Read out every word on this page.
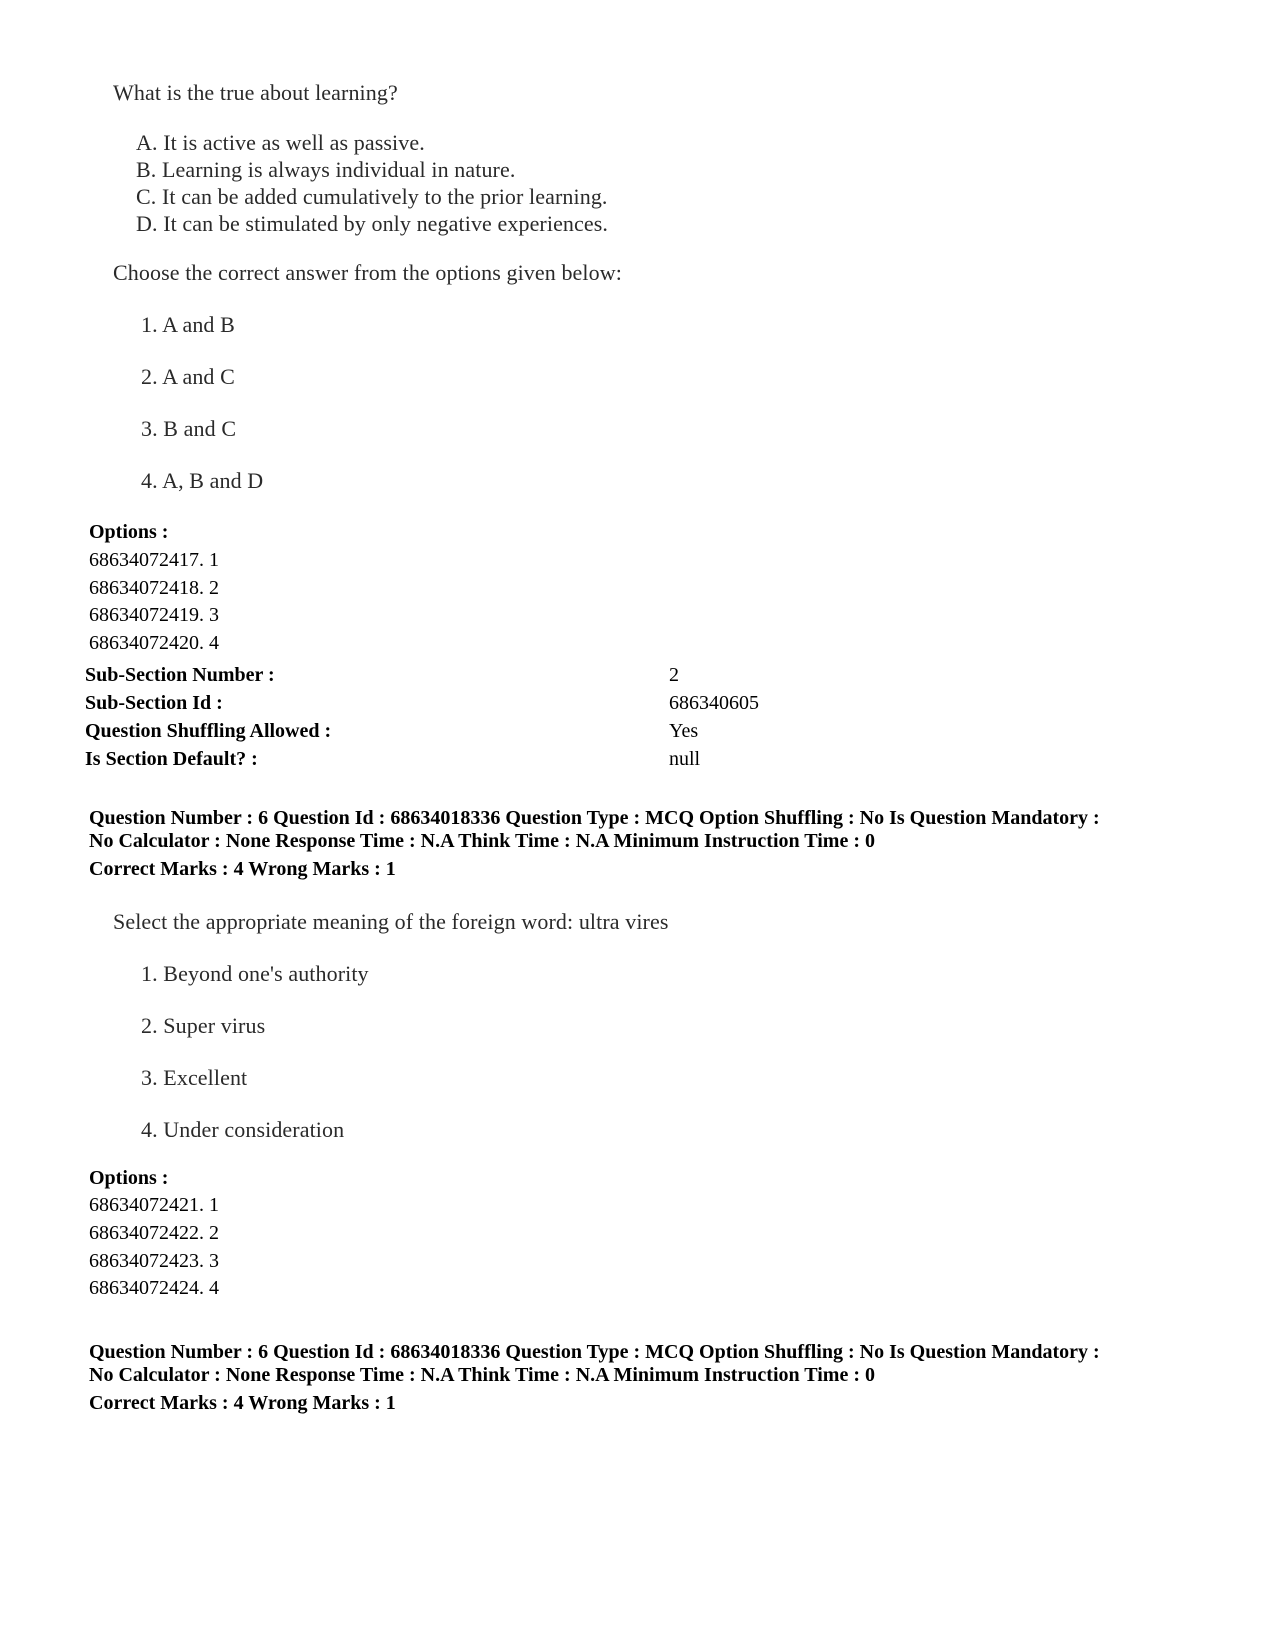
What is the true about learning?
A. It is active as well as passive.
B. Learning is always individual in nature.
C. It can be added cumulatively to the prior learning.
D. It can be stimulated by only negative experiences.
Choose the correct answer from the options given below:
1. A and B
2. A and C
3. B and C
4. A, B and D
Options :
68634072417. 1
68634072418. 2
68634072419. 3
68634072420. 4
Sub-Section Number :	2
Sub-Section Id :	686340605
Question Shuffling Allowed :	Yes
Is Section Default? :	null
Question Number : 6 Question Id : 68634018336 Question Type : MCQ Option Shuffling : No Is Question Mandatory :
No Calculator : None Response Time : N.A Think Time : N.A Minimum Instruction Time : 0
Correct Marks : 4 Wrong Marks : 1
Select the appropriate meaning of the foreign word: ultra vires
1. Beyond one's authority
2. Super virus
3. Excellent
4. Under consideration
Options :
68634072421. 1
68634072422. 2
68634072423. 3
68634072424. 4
Question Number : 6 Question Id : 68634018336 Question Type : MCQ Option Shuffling : No Is Question Mandatory :
No Calculator : None Response Time : N.A Think Time : N.A Minimum Instruction Time : 0
Correct Marks : 4 Wrong Marks : 1
